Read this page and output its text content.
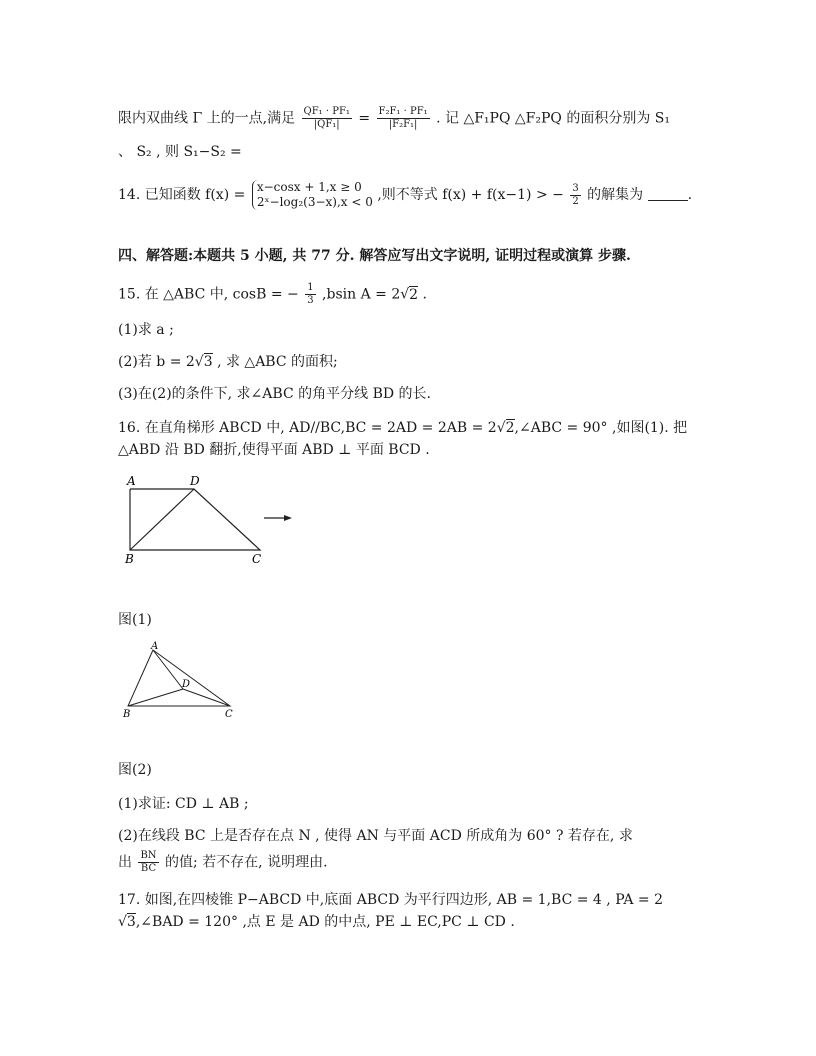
限内双曲线 Γ 上的一点,满足 $\frac{\text{QF₁ · PF₁}}{\text{|QF₁|}} = \frac{\text{F₂F₁ · PF₁}}{\text{|F₂F₁|}}$ . 记 △F₁PQ △F₂PQ 的面积分别为 S₁
、 S₂ , 则 S₁−S₂ =
14. 已知函数 f(x) = x−cosx + 1,x ≥ 0
2ˣ−log₂(3−x),x < 0 ,则不等式 f(x) + f(x−1) > − $\frac{3}{2}$ 的解集为	.
四、解答题:本题共 5 小题, 共 77 分. 解答应写出文字说明, 证明过程或演算 步骤.
15. 在 △ABC 中, cosB = − $\frac{1}{3} ,bsin$ A = 2√2 .
(1)求 a ;
(2)若 b = 2√3 , 求 △ABC 的面积;
(3)在(2)的条件下, 求∠ABC 的角平分线 BD 的长.
16. 在直角梯形 ABCD 中, AD//BC,BC = 2AD = 2AB = 2√2,∠ABC = 90° ,如图(1). 把
△ABD 沿 BD 翻折,使得平面 ABD ⊥ 平面 BCD .
A	D
B	C
图(1)
A
D
B	C
图(2)
(1)求证: CD ⊥ AB ;
(2)在线段 BC 上是否存在点 N , 使得 AN 与平面 ACD 所成角为 60° ? 若存在, 求
出 $\frac{BN}{BC}$ 的值; 若不存在, 说明理由.
17. 如图,在四棱锥 P−ABCD 中,底面 ABCD 为平行四边形, AB = 1,BC = 4 , PA = 2
√3,∠BAD = 120° ,点 E 是 AD 的中点, PE ⊥ EC,PC ⊥ CD .
